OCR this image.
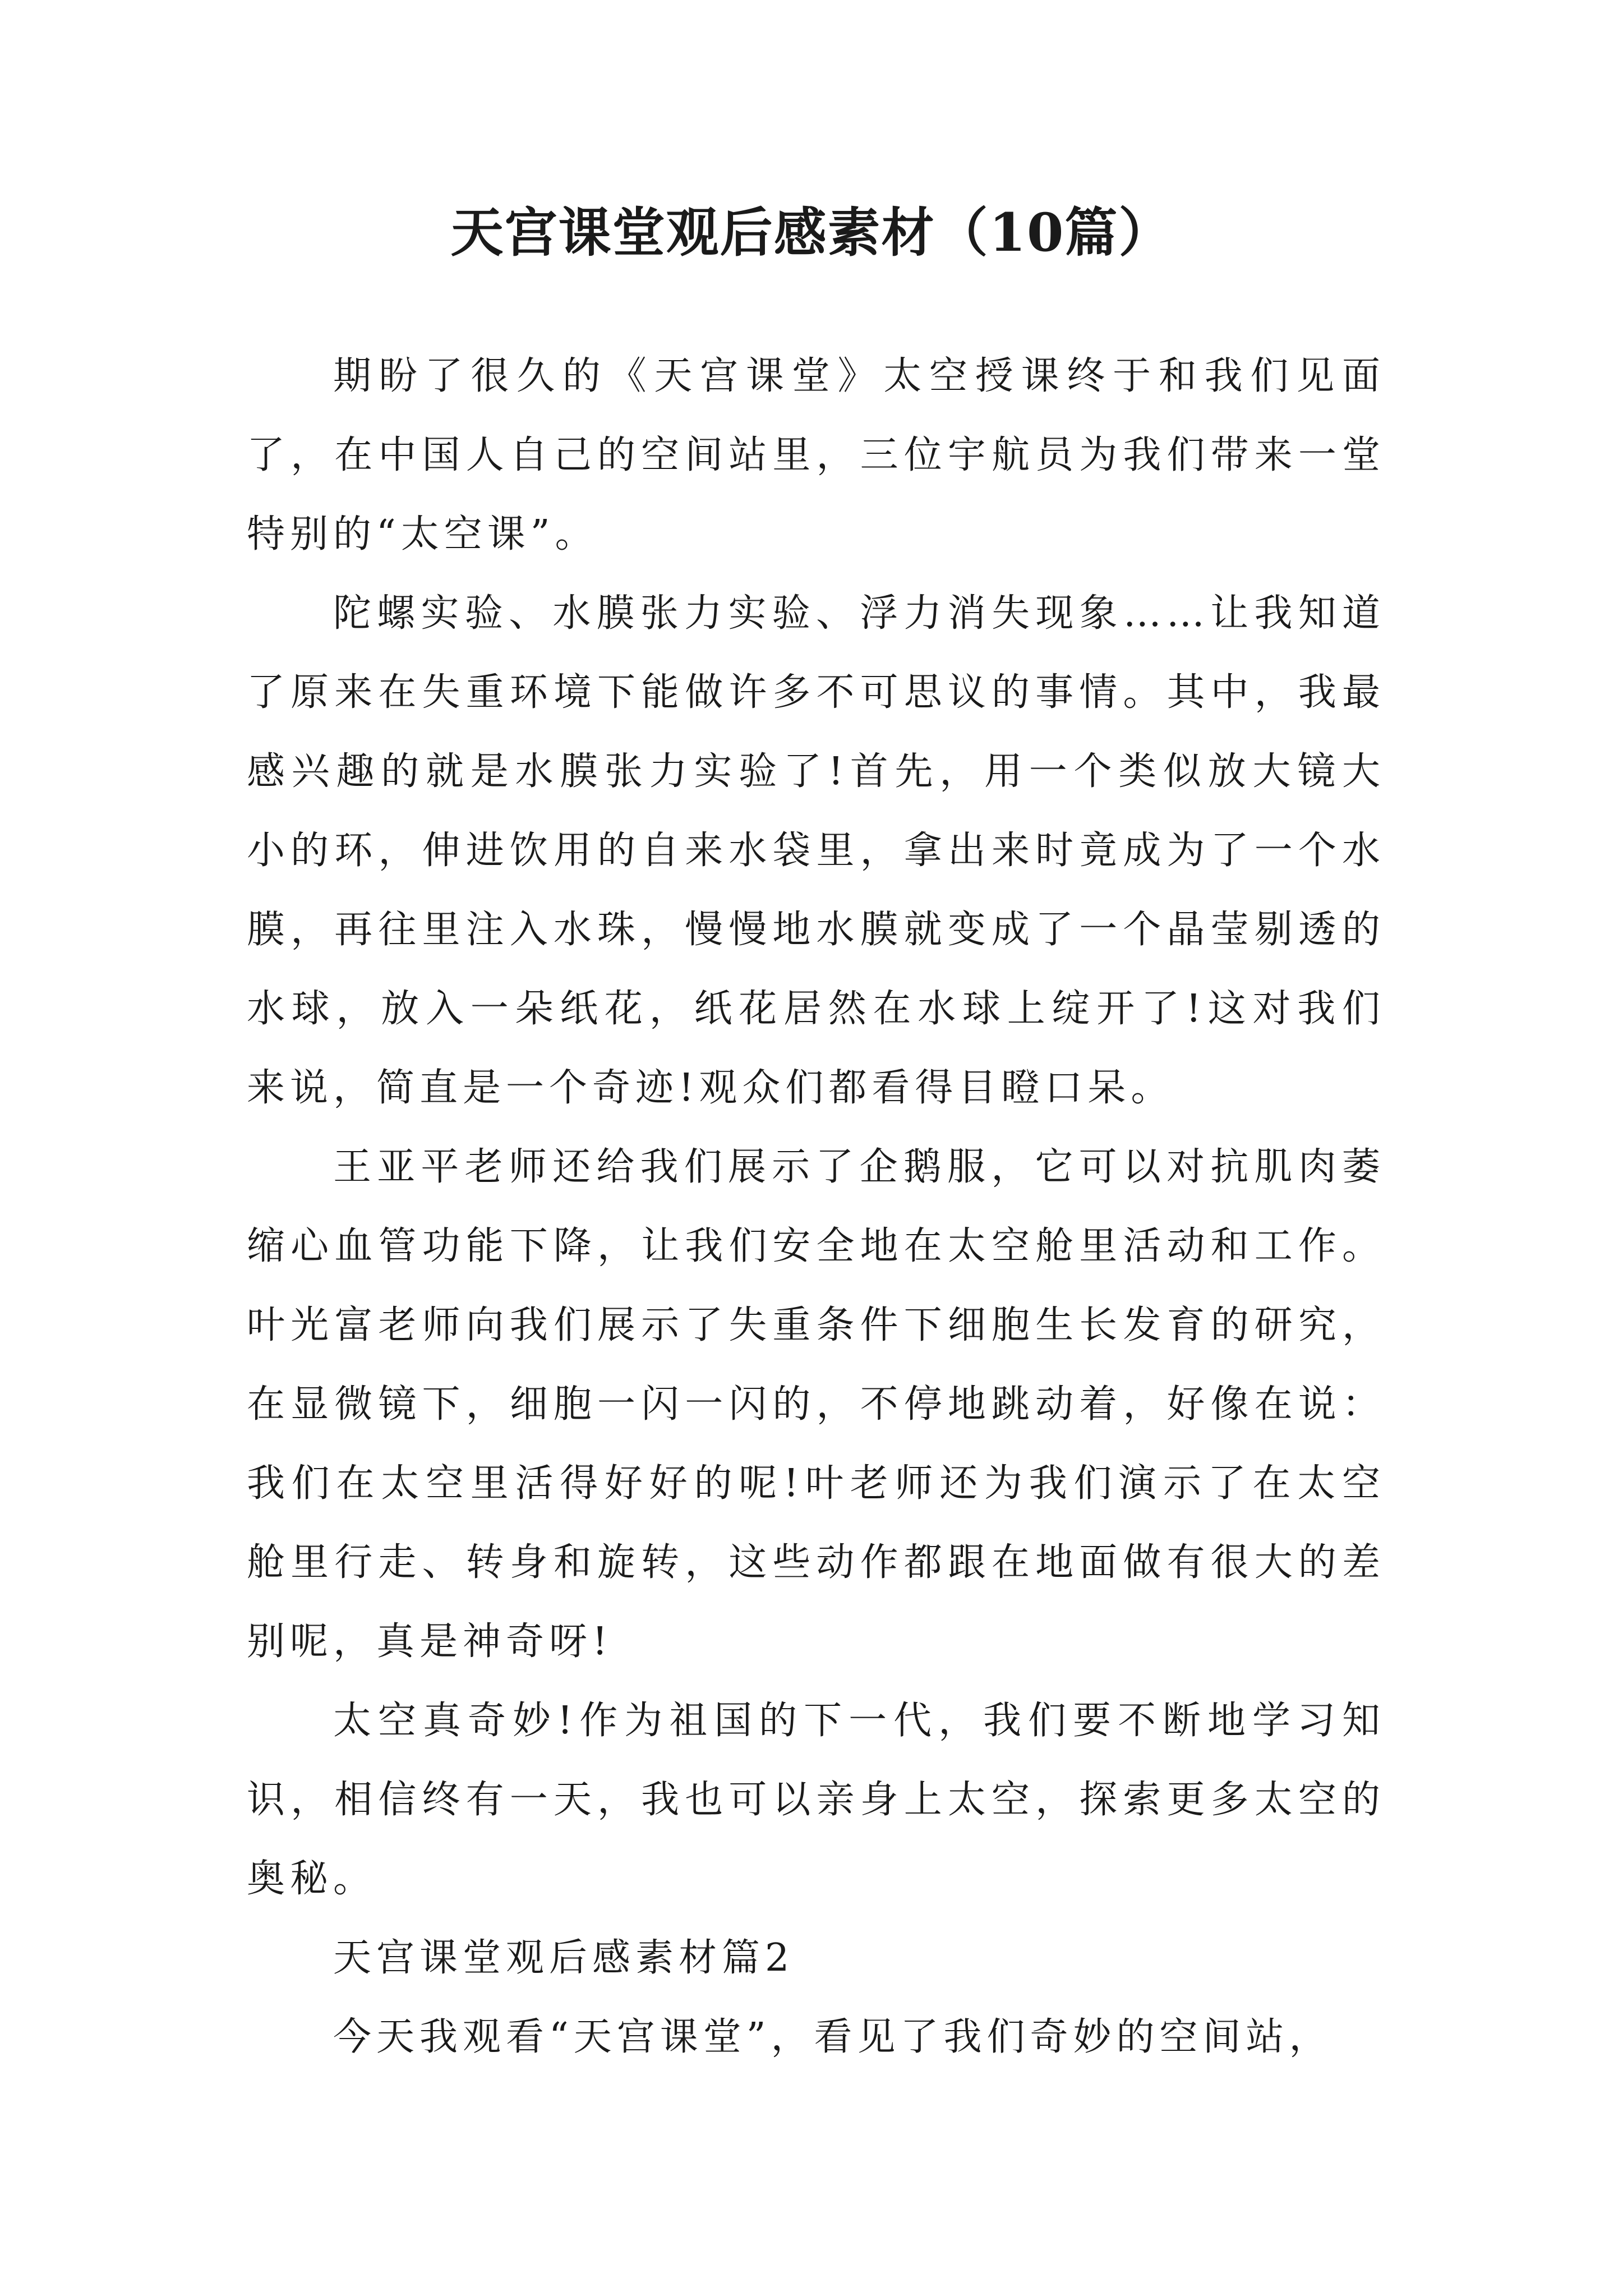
天宫课堂观后感素材（10篇）

期盼了很久的《天宫课堂》太空授课终于和我们见面了，在中国人自己的空间站里，三位宇航员为我们带来一堂特别的“太空课”。

陀螺实验、水膜张力实验、浮力消失现象……让我知道了原来在失重环境下能做许多不可思议的事情。其中，我最感兴趣的就是水膜张力实验了!首先，用一个类似放大镜大小的环，伸进饮用的自来水袋里，拿出来时竟成为了一个水膜，再往里注入水珠，慢慢地水膜就变成了一个晶莹剔透的水球，放入一朵纸花，纸花居然在水球上绽开了!这对我们来说，简直是一个奇迹!观众们都看得目瞪口呆。

王亚平老师还给我们展示了企鹅服，它可以对抗肌肉萎缩心血管功能下降，让我们安全地在太空舱里活动和工作。叶光富老师向我们展示了失重条件下细胞生长发育的研究，在显微镜下，细胞一闪一闪的，不停地跳动着，好像在说：我们在太空里活得好好的呢!叶老师还为我们演示了在太空舱里行走、转身和旋转，这些动作都跟在地面做有很大的差别呢，真是神奇呀!

太空真奇妙!作为祖国的下一代，我们要不断地学习知识，相信终有一天，我也可以亲身上太空，探索更多太空的奥秘。

天宫课堂观后感素材篇2

今天我观看“天宫课堂”，看见了我们奇妙的空间站，
